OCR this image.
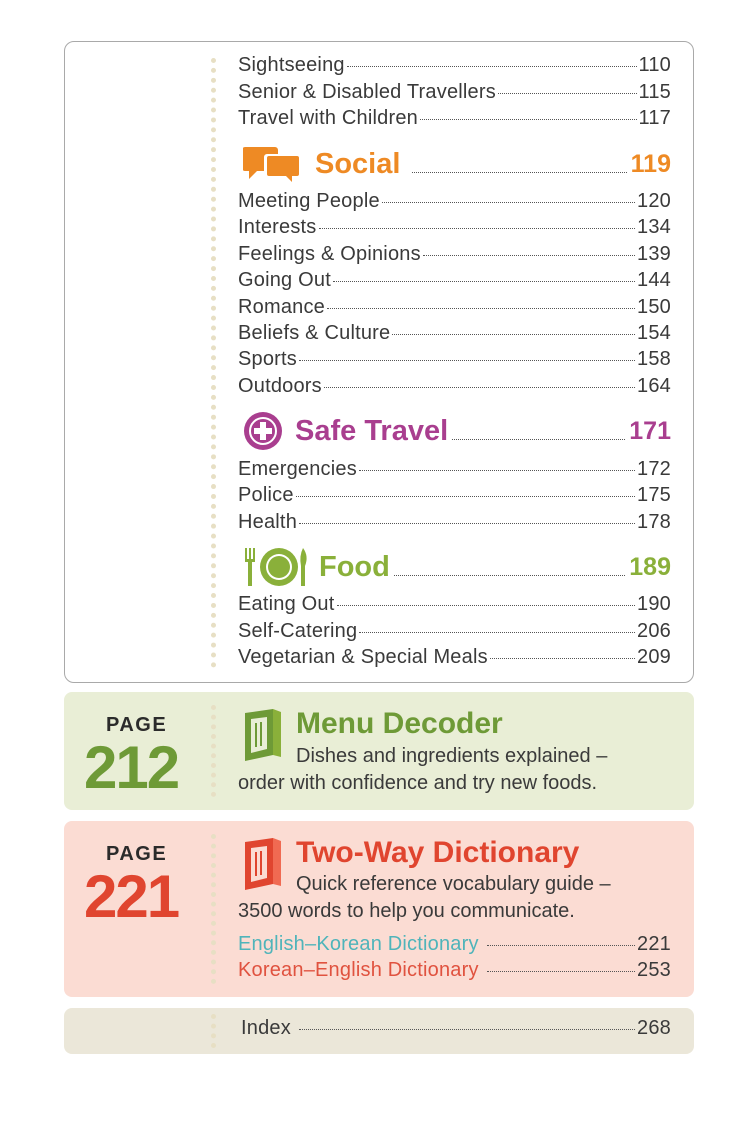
Sightseeing	110
Senior & Disabled Travellers	115
Travel with Children	117
Social	119
Meeting People	120
Interests	134
Feelings & Opinions	139
Going Out	144
Romance	150
Beliefs & Culture	154
Sports	158
Outdoors	164
Safe Travel	171
Emergencies	172
Police	175
Health	178
Food	189
Eating Out	190
Self-Catering	206
Vegetarian & Special Meals	209
PAGE
212
Menu Decoder
Dishes and ingredients explained –
order with confidence and try new foods.
PAGE
221
Two-Way Dictionary
Quick reference vocabulary guide –
3500 words to help you communicate.
English–Korean Dictionary	221
Korean–English Dictionary	253
Index	268
